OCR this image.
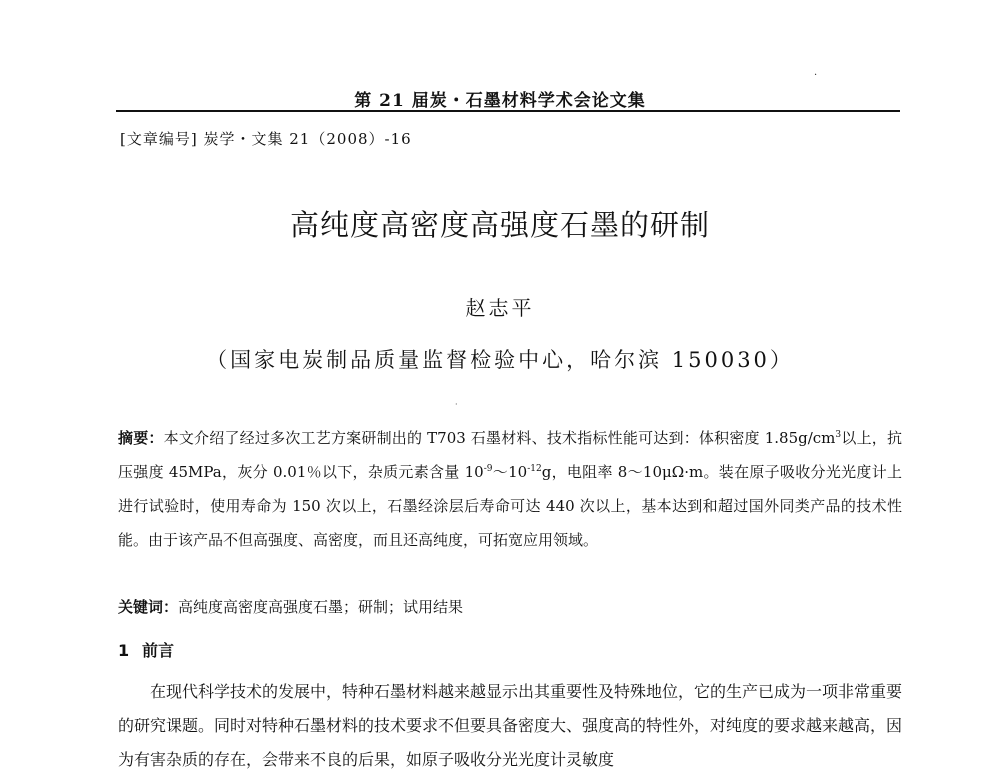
·
第 21 届炭・石墨材料学术会论文集
[文章编号] 炭学・文集 21（2008）-16
高纯度高密度高强度石墨的研制
赵志平
（国家电炭制品质量监督检验中心，哈尔滨 150030）
·
摘要：本文介绍了经过多次工艺方案研制出的 T703 石墨材料、技术指标性能可达到：体积密度 $1.85g/cm^3$以上，抗压强度 45MPa，灰分 0.01％以下，杂质元素含量 $10^{-9}\sim 10^{-12}g$，电阻率 8～10μΩ·m。装在原子吸收分光光度计上进行试验时，使用寿命为 150 次以上，石墨经涂层后寿命可达 440 次以上，基本达到和超过国外同类产品的技术性能。由于该产品不但高强度、高密度，而且还高纯度，可拓宽应用领域。
关键词：高纯度高密度高强度石墨；研制；试用结果
1 前言
在现代科学技术的发展中，特种石墨材料越来越显示出其重要性及特殊地位，它的生产已成为一项非常重要的研究课题。同时对特种石墨材料的技术要求不但要具备密度大、强度高的特性外，对纯度的要求越来越高，因为有害杂质的存在，会带来不良的后果，如原子吸收分光光度计灵敏度
